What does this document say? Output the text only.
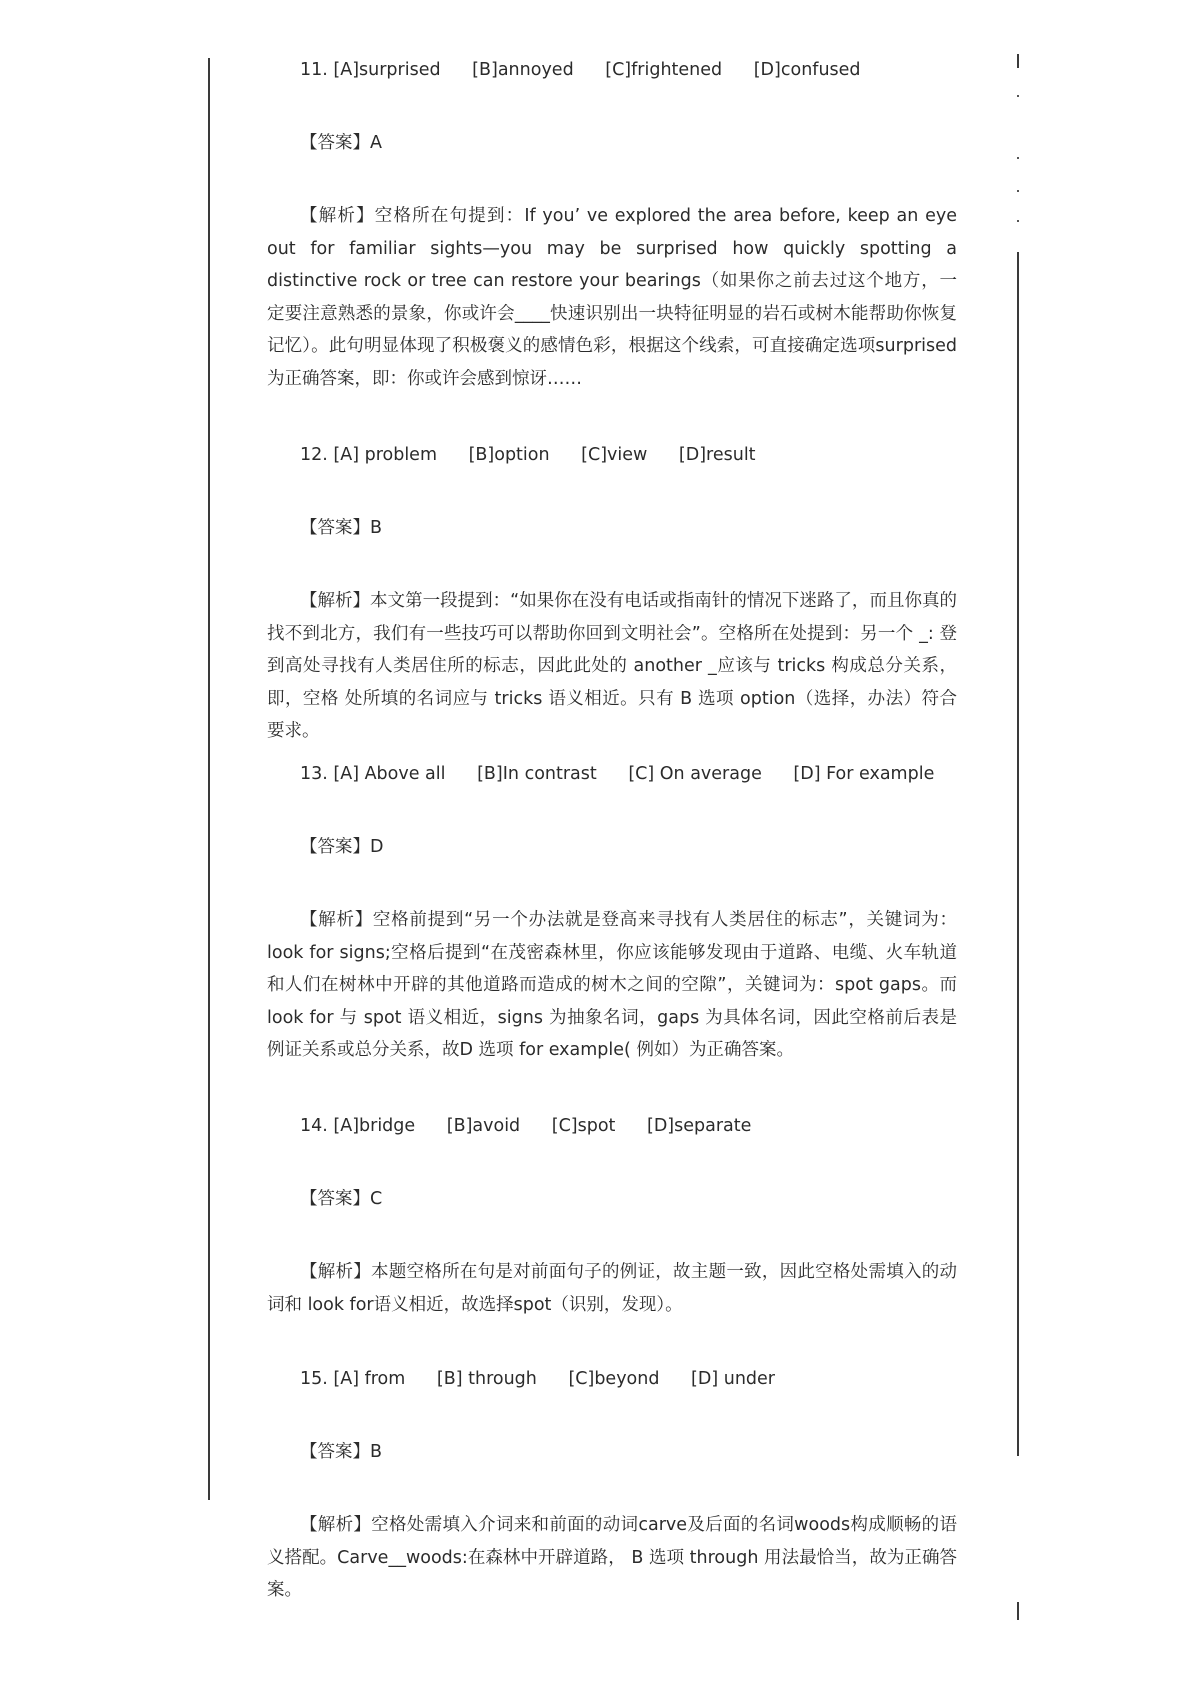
11. [A]surprised [B]annoyed [C]frightened [D]confused
【答案】A

【解析】空格所在句提到：If you’ ve explored the area before, keep an eye out for familiar sights—you may be surprised how quickly spotting a distinctive rock or tree can restore your bearings（如果你之前去过这个地方，一定要注意熟悉的景象，你或许会____快速识别出一块特征明显的岩石或树木能帮助你恢复记忆）。此句明显体现了积极褒义的感情色彩，根据这个线索，可直接确定选项surprised为正确答案，即：你或许会感到惊讶……

12. [A] problem [B]option [C]view [D]result
【答案】B

【解析】本文第一段提到：“如果你在没有电话或指南针的情况下迷路了，而且你真的找不到北方，我们有一些技巧可以帮助你回到文明社会”。空格所在处提到：另一个 _: 登 到高处寻找有人类居住所的标志，因此此处的 another _应该与 tricks 构成总分关系，即，空格 处所填的名词应与 tricks 语义相近。只有 B 选项 option（选择，办法）符合要求。

13. [A] Above all [B]In contrast [C] On average [D] For example
【答案】D

【解析】空格前提到“另一个办法就是登高来寻找有人类居住的标志”，关键词为：look for signs;空格后提到“在茂密森林里，你应该能够发现由于道路、电缆、火车轨道和人们在树林中开辟的其他道路而造成的树木之间的空隙”，关键词为：spot gaps。而 look for 与 spot 语义相近，signs 为抽象名词，gaps 为具体名词，因此空格前后表是例证关系或总分关系，故D 选项 for example( 例如）为正确答案。

14. [A]bridge [B]avoid [C]spot [D]separate
【答案】C

【解析】本题空格所在句是对前面句子的例证，故主题一致，因此空格处需填入的动词和 look for语义相近，故选择spot（识别，发现）。

15. [A] from [B] through [C]beyond [D] under
【答案】B

【解析】空格处需填入介词来和前面的动词carve及后面的名词woods构成顺畅的语义搭配。Carve__woods:在森林中开辟道路， B 选项 through 用法最恰当，故为正确答案。
